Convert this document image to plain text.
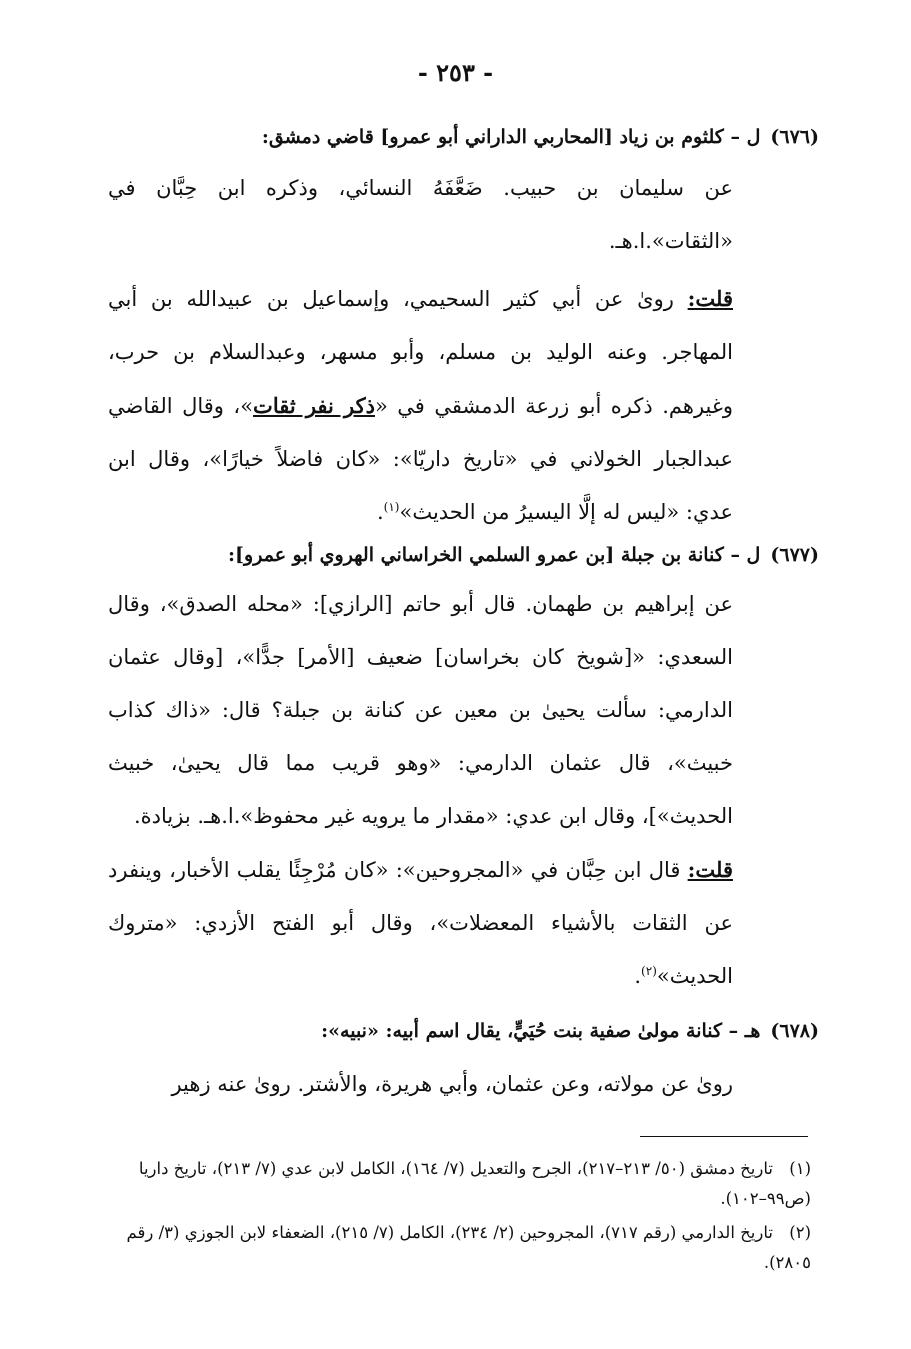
- ٢٥٣ -
(٦٧٦)ل – كلثوم بن زياد [المحاربي الداراني أبو عمرو] قاضي دمشق:

عن سليمان بن حبيب. ضَعَّفَهُ النسائي، وذكره ابن حِبَّان في «الثقات».ا.هـ.

قلت: روىٰ عن أبي كثير السحيمي، وإسماعيل بن عبيدالله بن أبي المهاجر. وعنه الوليد بن مسلم، وأبو مسهر، وعبدالسلام بن حرب، وغيرهم. ذكره أبو زرعة الدمشقي في «ذكر نفر ثقات»، وقال القاضي عبدالجبار الخولاني في «تاريخ داريّا»: «كان فاضلاً خيارًا»، وقال ابن عدي: «ليس له إلَّا اليسيرُ من الحديث»$^{(١)}$.

(٦٧٧)ل – كنانة بن جبلة [بن عمرو السلمي الخراساني الهروي أبو عمرو]:

عن إبراهيم بن طهمان. قال أبو حاتم [الرازي]: «محله الصدق»، وقال السعدي: «[شويخ كان بخراسان] ضعيف [الأمر] جدًّا»، [وقال عثمان الدارمي: سألت يحيىٰ بن معين عن كنانة بن جبلة؟ قال: «ذاك كذاب خبيث»، قال عثمان الدارمي: «وهو قريب مما قال يحيىٰ، خبيث الحديث»]، وقال ابن عدي: «مقدار ما يرويه غير محفوظ».ا.هـ. بزيادة.

قلت: قال ابن حِبَّان في «المجروحين»: «كان مُرْجِئًا يقلب الأخبار، وينفرد عن الثقات بالأشياء المعضلات»، وقال أبو الفتح الأزدي: «متروك الحديث»$^{(٢)}$.

(٦٧٨)هـ – كنانة مولىٰ صفية بنت حُيَيٍّ، يقال اسم أبيه: «نبيه»:

روىٰ عن مولاته، وعن عثمان، وأبي هريرة، والأشتر. روىٰ عنه زهير

(١)تاريخ دمشق (٥٠/ ٢١٣–٢١٧)، الجرح والتعديل (٧/ ١٦٤)، الكامل لابن عدي (٧/ ٢١٣)، تاريخ داريا (ص٩٩–١٠٢).
(٢)تاريخ الدارمي (رقم ٧١٧)، المجروحين (٢/ ٢٣٤)، الكامل (٧/ ٢١٥)، الضعفاء لابن الجوزي (٣/ رقم ٢٨٠٥).
